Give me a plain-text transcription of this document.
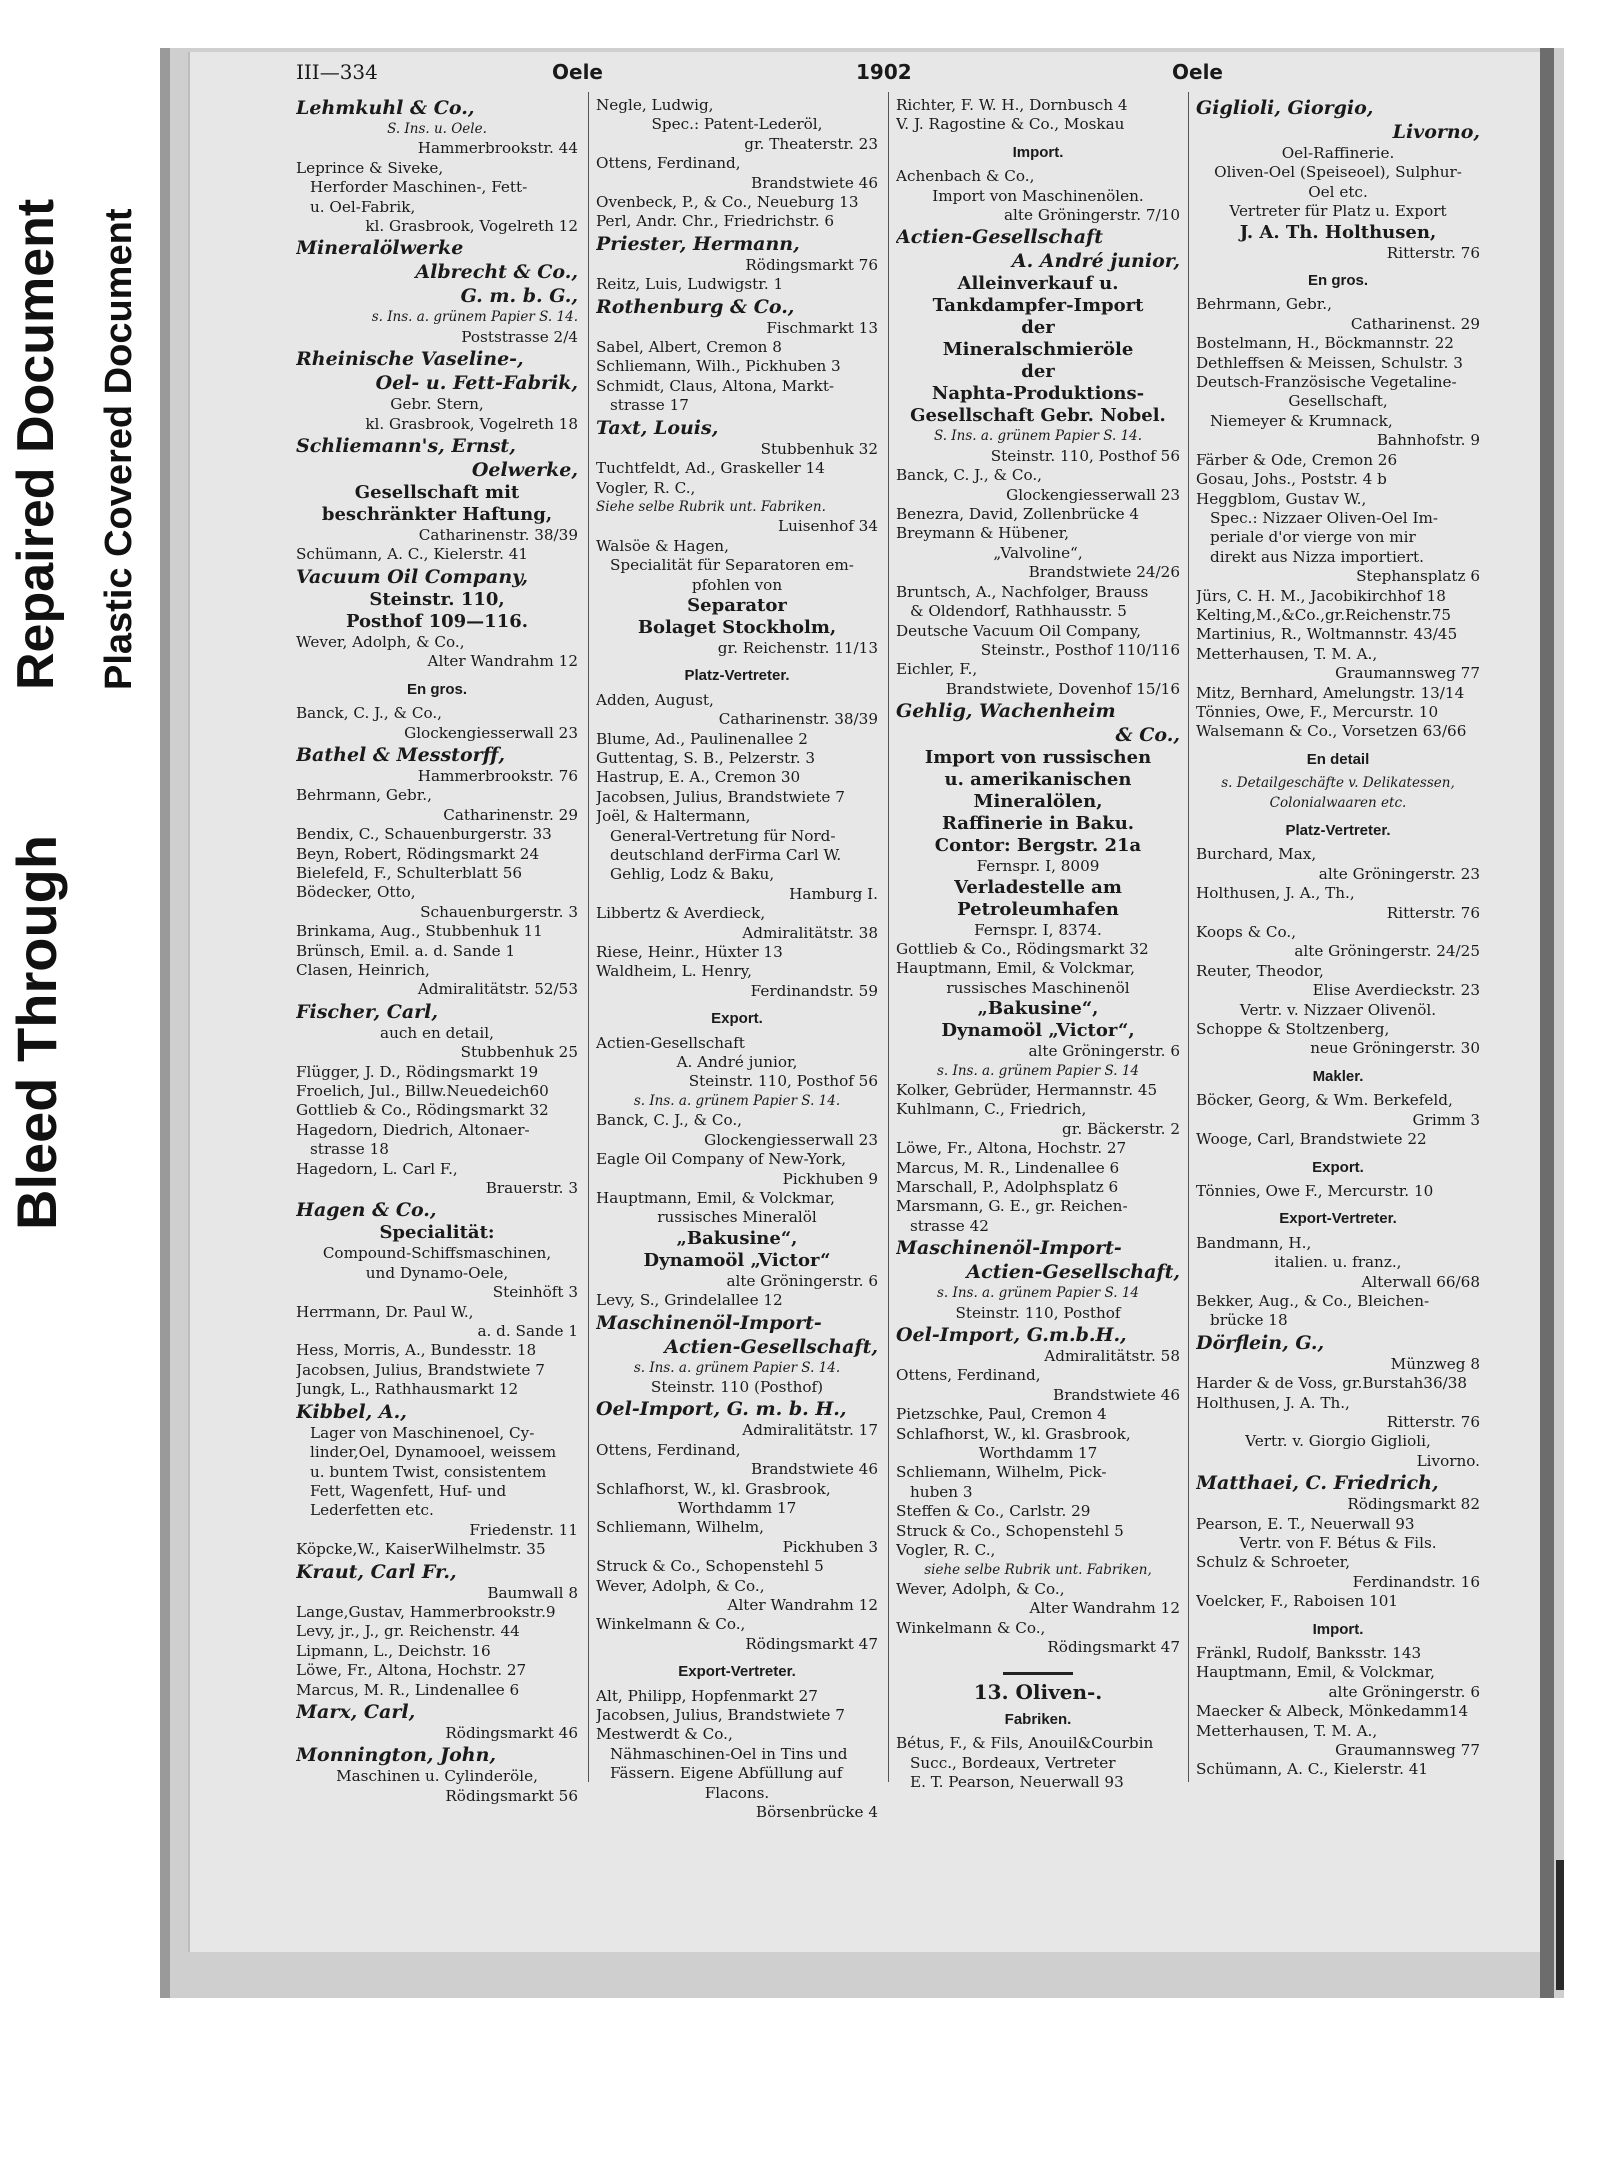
Bleed Through
Repaired Document Plastic Covered Document
III—334	Oele	1902	Oele
Lehmkuhl & Co.,
S. Ins. u. Oele.
Hammerbrookstr. 44
Leprince & Siveke,
Herforder Maschinen-, Fett-
u. Oel-Fabrik,
kl. Grasbrook, Vogelreth 12
Mineralölwerke
Albrecht & Co.,
G. m. b. G.,
s. Ins. a. grünem Papier S. 14.
Poststrasse 2/4
Rheinische Vaseline-,
Oel- u. Fett-Fabrik,
Gebr. Stern,
kl. Grasbrook, Vogelreth 18
Schliemann's, Ernst,
Oelwerke,
Gesellschaft mit
beschränkter Haftung,
Catharinenstr. 38/39
Schümann, A. C., Kielerstr. 41
Vacuum Oil Company,
Steinstr. 110,
Posthof 109—116.
Wever, Adolph, & Co.,
Alter Wandrahm 12
En gros.
Banck, C. J., & Co.,
Glockengiesserwall 23
Bathel & Messtorff,
Hammerbrookstr. 76
Behrmann, Gebr.,
Catharinenstr. 29
Bendix, C., Schauenburgerstr. 33
Beyn, Robert, Rödingsmarkt 24
Bielefeld, F., Schulterblatt 56
Bödecker, Otto,
Schauenburgerstr. 3
Brinkama, Aug., Stubbenhuk 11
Brünsch, Emil. a. d. Sande 1
Clasen, Heinrich,
Admiralitätstr. 52/53
Fischer, Carl,
auch en detail,
Stubbenhuk 25
Flügger, J. D., Rödingsmarkt 19
Froelich, Jul., Billw.Neuedeich60
Gottlieb & Co., Rödingsmarkt 32
Hagedorn, Diedrich, Altonaer-
strasse 18
Hagedorn, L. Carl F.,
Brauerstr. 3
Hagen & Co.,
Specialität:
Compound-Schiffsmaschinen,
und Dynamo-Oele,
Steinhöft 3
Herrmann, Dr. Paul W.,
a. d. Sande 1
Hess, Morris, A., Bundesstr. 18
Jacobsen, Julius, Brandstwiete 7
Jungk, L., Rathhausmarkt 12
Kibbel, A.,
Lager von Maschinenoel, Cy-
linder,Oel, Dynamooel, weissem
u. buntem Twist, consistentem
Fett, Wagenfett, Huf- und
Lederfetten etc.
Friedenstr. 11
Köpcke,W., KaiserWilhelmstr. 35
Kraut, Carl Fr.,
Baumwall 8
Lange,Gustav, Hammerbrookstr.9
Levy, jr., J., gr. Reichenstr. 44
Lipmann, L., Deichstr. 16
Löwe, Fr., Altona, Hochstr. 27
Marcus, M. R., Lindenallee 6
Marx, Carl,
Rödingsmarkt 46
Monnington, John,
Maschinen u. Cylinderöle,
Rödingsmarkt 56
Negle, Ludwig,
Spec.: Patent-Lederöl,
gr. Theaterstr. 23
Ottens, Ferdinand,
Brandstwiete 46
Ovenbeck, P., & Co., Neueburg 13
Perl, Andr. Chr., Friedrichstr. 6
Priester, Hermann,
Rödingsmarkt 76
Reitz, Luis, Ludwigstr. 1
Rothenburg & Co.,
Fischmarkt 13
Sabel, Albert, Cremon 8
Schliemann, Wilh., Pickhuben 3
Schmidt, Claus, Altona, Markt-
strasse 17
Taxt, Louis,
Stubbenhuk 32
Tuchtfeldt, Ad., Graskeller 14
Vogler, R. C.,
Siehe selbe Rubrik unt. Fabriken.
Luisenhof 34
Walsöe & Hagen,
Specialität für Separatoren em-
pfohlen von
Separator
Bolaget Stockholm,
gr. Reichenstr. 11/13
Platz-Vertreter.
Adden, August,
Catharinenstr. 38/39
Blume, Ad., Paulinenallee 2
Guttentag, S. B., Pelzerstr. 3
Hastrup, E. A., Cremon 30
Jacobsen, Julius, Brandstwiete 7
Joël, & Haltermann,
General-Vertretung für Nord-
deutschland derFirma Carl W.
Gehlig, Lodz & Baku,
Hamburg I.
Libbertz & Averdieck,
Admiralitätstr. 38
Riese, Heinr., Hüxter 13
Waldheim, L. Henry,
Ferdinandstr. 59
Export.
Actien-Gesellschaft
A. André junior,
Steinstr. 110, Posthof 56
s. Ins. a. grünem Papier S. 14.
Banck, C. J., & Co.,
Glockengiesserwall 23
Eagle Oil Company of New-York,
Pickhuben 9
Hauptmann, Emil, & Volckmar,
russisches Mineralöl
„Bakusine“,
Dynamoöl „Victor“
alte Gröningerstr. 6
Levy, S., Grindelallee 12
Maschinenöl-Import-
Actien-Gesellschaft,
s. Ins. a. grünem Papier S. 14.
Steinstr. 110 (Posthof)
Oel-Import, G. m. b. H.,
Admiralitätstr. 17
Ottens, Ferdinand,
Brandstwiete 46
Schlafhorst, W., kl. Grasbrook,
Worthdamm 17
Schliemann, Wilhelm,
Pickhuben 3
Struck & Co., Schopenstehl 5
Wever, Adolph, & Co.,
Alter Wandrahm 12
Winkelmann & Co.,
Rödingsmarkt 47
Export-Vertreter.
Alt, Philipp, Hopfenmarkt 27
Jacobsen, Julius, Brandstwiete 7
Mestwerdt & Co.,
Nähmaschinen-Oel in Tins und
Fässern. Eigene Abfüllung auf
Flacons.
Börsenbrücke 4
Richter, F. W. H., Dornbusch 4
V. J. Ragostine & Co., Moskau
Import.
Achenbach & Co.,
Import von Maschinenölen.
alte Gröningerstr. 7/10
Actien-Gesellschaft
A. André junior,
Alleinverkauf u.
Tankdampfer-Import
der
Mineralschmieröle
der
Naphta-Produktions-
Gesellschaft Gebr. Nobel.
S. Ins. a. grünem Papier S. 14.
Steinstr. 110, Posthof 56
Banck, C. J., & Co.,
Glockengiesserwall 23
Benezra, David, Zollenbrücke 4
Breymann & Hübener,
„Valvoline“,
Brandstwiete 24/26
Bruntsch, A., Nachfolger, Brauss
& Oldendorf, Rathhausstr. 5
Deutsche Vacuum Oil Company,
Steinstr., Posthof 110/116
Eichler, F.,
Brandstwiete, Dovenhof 15/16
Gehlig, Wachenheim
& Co.,
Import von russischen
u. amerikanischen
Mineralölen,
Raffinerie in Baku.
Contor: Bergstr. 21a
Fernspr. I, 8009
Verladestelle am
Petroleumhafen
Fernspr. I, 8374.
Gottlieb & Co., Rödingsmarkt 32
Hauptmann, Emil, & Volckmar,
russisches Maschinenöl
„Bakusine“,
Dynamoöl „Victor“,
alte Gröningerstr. 6
s. Ins. a. grünem Papier S. 14
Kolker, Gebrüder, Hermannstr. 45
Kuhlmann, C., Friedrich,
gr. Bäckerstr. 2
Löwe, Fr., Altona, Hochstr. 27
Marcus, M. R., Lindenallee 6
Marschall, P., Adolphsplatz 6
Marsmann, G. E., gr. Reichen-
strasse 42
Maschinenöl-Import-
Actien-Gesellschaft,
s. Ins. a. grünem Papier S. 14
Steinstr. 110, Posthof
Oel-Import, G.m.b.H.,
Admiralitätstr. 58
Ottens, Ferdinand,
Brandstwiete 46
Pietzschke, Paul, Cremon 4
Schlafhorst, W., kl. Grasbrook,
Worthdamm 17
Schliemann, Wilhelm, Pick-
huben 3
Steffen & Co., Carlstr. 29
Struck & Co., Schopenstehl 5
Vogler, R. C.,
siehe selbe Rubrik unt. Fabriken,
Wever, Adolph, & Co.,
Alter Wandrahm 12
Winkelmann & Co.,
Rödingsmarkt 47
13. Oliven-.
Fabriken.
Bétus, F., & Fils, Anouil&Courbin
Succ., Bordeaux, Vertreter
E. T. Pearson, Neuerwall 93
Giglioli, Giorgio,
Livorno,
Oel-Raffinerie.
Oliven-Oel (Speiseoel), Sulphur-
Oel etc.
Vertreter für Platz u. Export
J. A. Th. Holthusen,
Ritterstr. 76
En gros.
Behrmann, Gebr.,
Catharinenst. 29
Bostelmann, H., Böckmannstr. 22
Dethleffsen & Meissen, Schulstr. 3
Deutsch-Französische Vegetaline-
Gesellschaft,
Niemeyer & Krumnack,
Bahnhofstr. 9
Färber & Ode, Cremon 26
Gosau, Johs., Poststr. 4 b
Heggblom, Gustav W.,
Spec.: Nizzaer Oliven-Oel Im-
periale d'or vierge von mir
direkt aus Nizza importiert.
Stephansplatz 6
Jürs, C. H. M., Jacobikirchhof 18
Kelting,M.,&Co.,gr.Reichenstr.75
Martinius, R., Woltmannstr. 43/45
Metterhausen, T. M. A.,
Graumannsweg 77
Mitz, Bernhard, Amelungstr. 13/14
Tönnies, Owe, F., Mercurstr. 10
Walsemann & Co., Vorsetzen 63/66
En detail
s. Detailgeschäfte v. Delikatessen,
Colonialwaaren etc.
Platz-Vertreter.
Burchard, Max,
alte Gröningerstr. 23
Holthusen, J. A., Th.,
Ritterstr. 76
Koops & Co.,
alte Gröningerstr. 24/25
Reuter, Theodor,
Elise Averdieckstr. 23
Vertr. v. Nizzaer Olivenöl.
Schoppe & Stoltzenberg,
neue Gröningerstr. 30
Makler.
Böcker, Georg, & Wm. Berkefeld,
Grimm 3
Wooge, Carl, Brandstwiete 22
Export.
Tönnies, Owe F., Mercurstr. 10
Export-Vertreter.
Bandmann, H.,
italien. u. franz.,
Alterwall 66/68
Bekker, Aug., & Co., Bleichen-
brücke 18
Dörflein, G.,
Münzweg 8
Harder & de Voss, gr.Burstah36/38
Holthusen, J. A. Th.,
Ritterstr. 76
Vertr. v. Giorgio Giglioli,
Livorno.
Matthaei, C. Friedrich,
Rödingsmarkt 82
Pearson, E. T., Neuerwall 93
Vertr. von F. Bétus & Fils.
Schulz & Schroeter,
Ferdinandstr. 16
Voelcker, F., Raboisen 101
Import.
Fränkl, Rudolf, Banksstr. 143
Hauptmann, Emil, & Volckmar,
alte Gröningerstr. 6
Maecker & Albeck, Mönkedamm14
Metterhausen, T. M. A.,
Graumannsweg 77
Schümann, A. C., Kielerstr. 41
